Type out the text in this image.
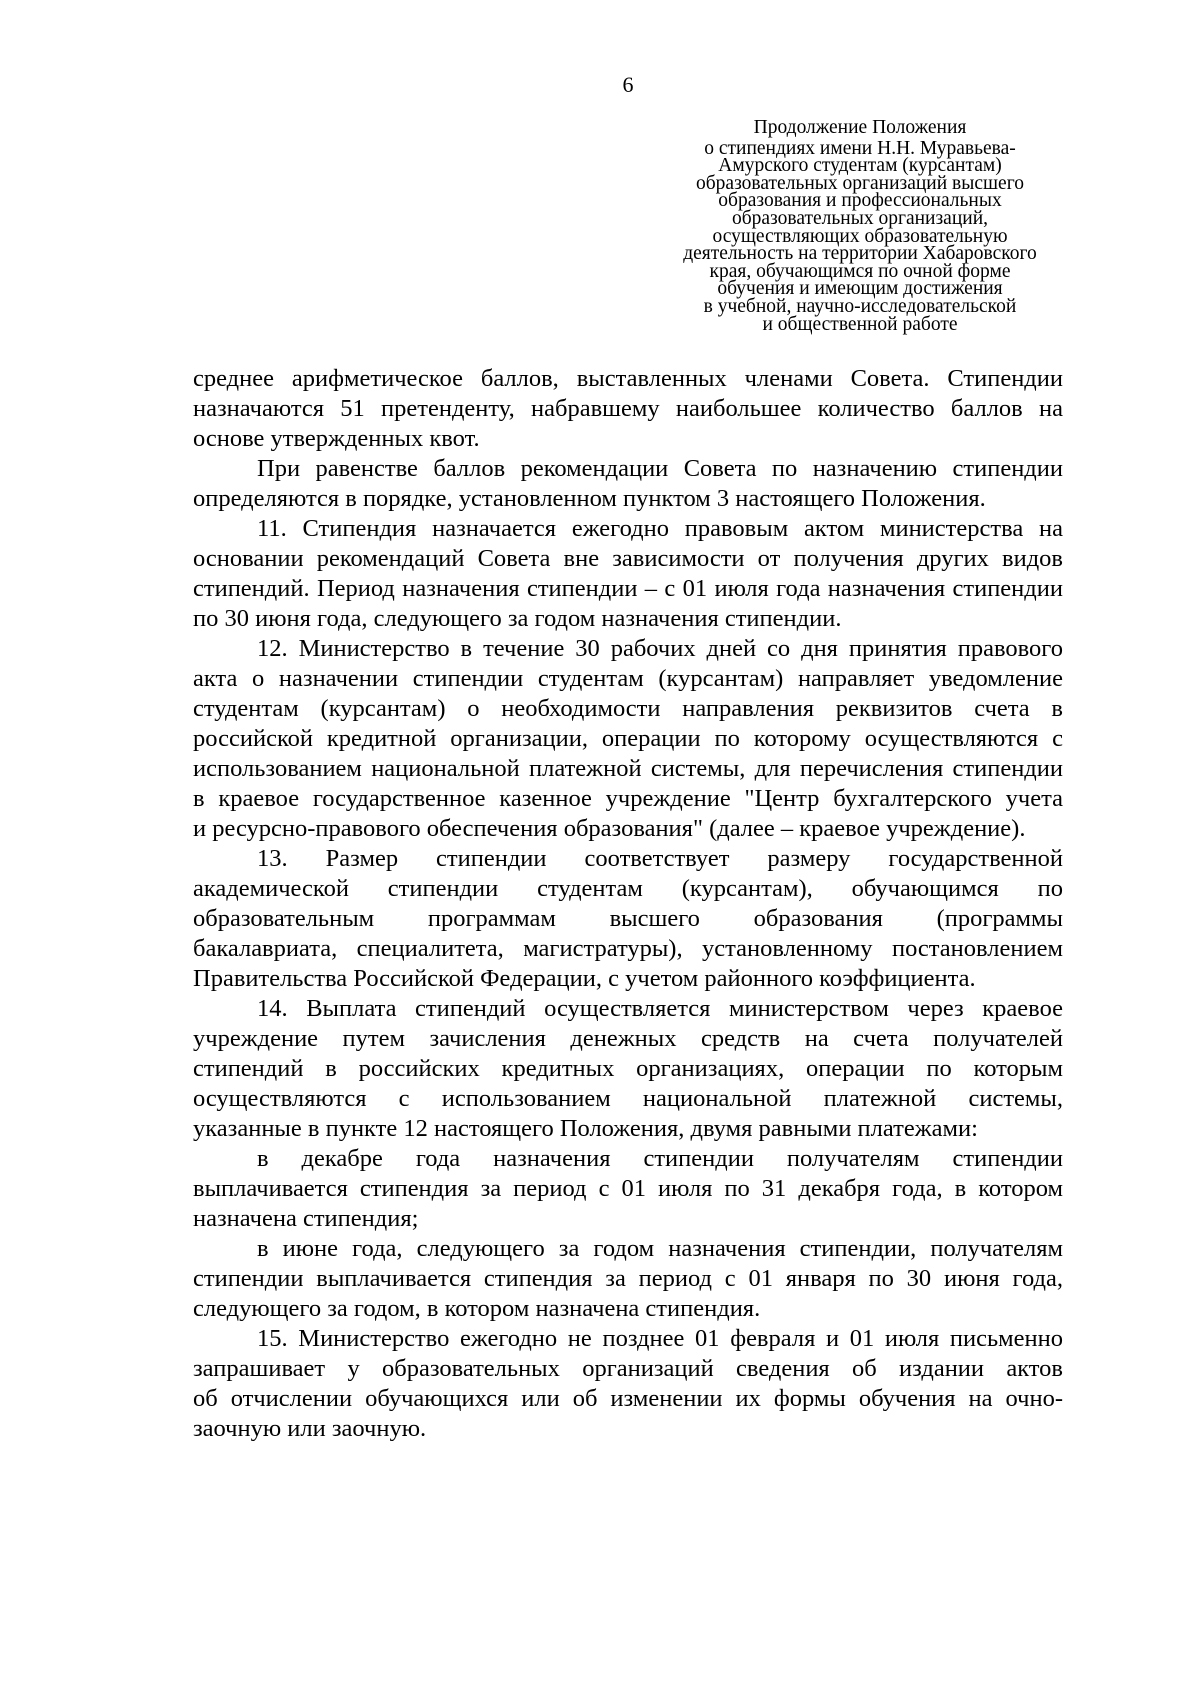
6
Продолжение Положения
о стипендиях имени Н.Н. Муравьева-
Амурского студентам (курсантам)
образовательных организаций высшего
образования и профессиональных
образовательных организаций,
осуществляющих образовательную
деятельность на территории Хабаровского
края, обучающимся по очной форме
обучения и имеющим достижения
в учебной, научно-исследовательской
и общественной работе
среднее арифметическое баллов, выставленных членами Совета. Стипендии
назначаются 51 претенденту, набравшему наибольшее количество баллов на
основе утвержденных квот.
При равенстве баллов рекомендации Совета по назначению стипендии
определяются в порядке, установленном пунктом 3 настоящего Положения.
11. Стипендия назначается ежегодно правовым актом министерства на
основании рекомендаций Совета вне зависимости от получения других видов
стипендий. Период назначения стипендии – с 01 июля года назначения стипендии
по 30 июня года, следующего за годом назначения стипендии.
12. Министерство в течение 30 рабочих дней со дня принятия правового
акта о назначении стипендии студентам (курсантам) направляет уведомление
студентам (курсантам) о необходимости направления реквизитов счета в
российской кредитной организации, операции по которому осуществляются с
использованием национальной платежной системы, для перечисления стипендии
в краевое государственное казенное учреждение "Центр бухгалтерского учета
и ресурсно-правового обеспечения образования" (далее – краевое учреждение).
13. Размер стипендии соответствует размеру государственной
академической стипендии студентам (курсантам), обучающимся по
образовательным программам высшего образования (программы
бакалавриата, специалитета, магистратуры), установленному постановлением
Правительства Российской Федерации, с учетом районного коэффициента.
14. Выплата стипендий осуществляется министерством через краевое
учреждение путем зачисления денежных средств на счета получателей
стипендий в российских кредитных организациях, операции по которым
осуществляются с использованием национальной платежной системы,
указанные в пункте 12 настоящего Положения, двумя равными платежами:
в декабре года назначения стипендии получателям стипендии
выплачивается стипендия за период с 01 июля по 31 декабря года, в котором
назначена стипендия;
в июне года, следующего за годом назначения стипендии, получателям
стипендии выплачивается стипендия за период с 01 января по 30 июня года,
следующего за годом, в котором назначена стипендия.
15. Министерство ежегодно не позднее 01 февраля и 01 июля письменно
запрашивает у образовательных организаций сведения об издании актов
об отчислении обучающихся или об изменении их формы обучения на очно-
заочную или заочную.
